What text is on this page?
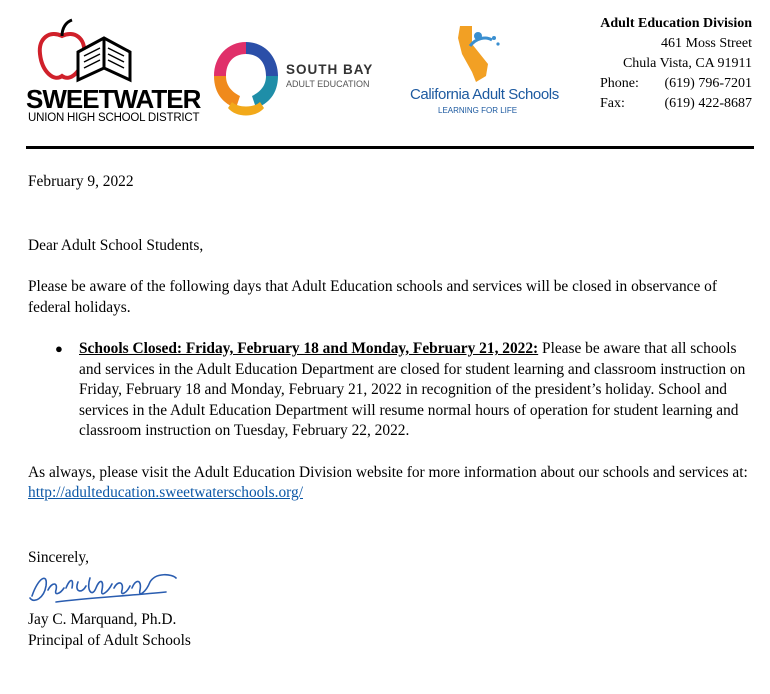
SWEETWATER
UNION HIGH SCHOOL DISTRICT
SOUTH BAY
ADULT EDUCATION
California Adult Schools
LEARNING FOR LIFE
Adult Education Division
461 Moss Street
Chula Vista, CA 91911
Phone:	(619) 796-7201
Fax:	(619) 422-8687

February 9, 2022

Dear Adult School Students,

Please be aware of the following days that Adult Education schools and services will be closed in observance of federal holidays.

● Schools Closed: Friday, February 18 and Monday, February 21, 2022: Please be aware that all schools and services in the Adult Education Department are closed for student learning and classroom instruction on Friday, February 18 and Monday, February 21, 2022 in recognition of the president’s holiday. School and services in the Adult Education Department will resume normal hours of operation for student learning and classroom instruction on Tuesday, February 22, 2022.

As always, please visit the Adult Education Division website for more information about our schools and services at: http://adulteducation.sweetwaterschools.org/

Sincerely,

Jay C. Marquand, Ph.D.

Principal of Adult Schools
